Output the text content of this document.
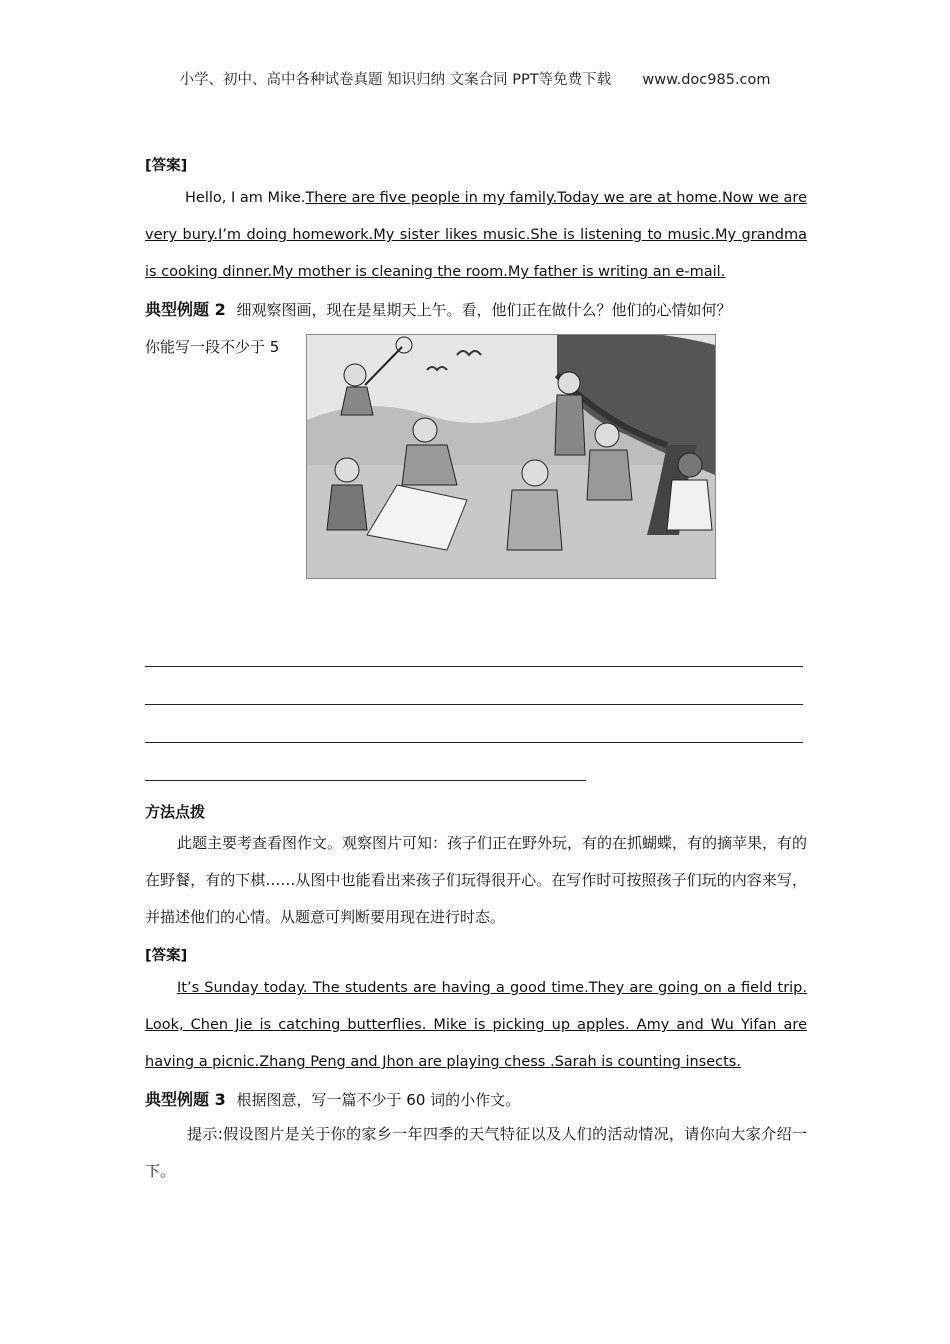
小学、初中、高中各种试卷真题 知识归纳 文案合同 PPT等免费下载 www.doc985.com
[答案]
Hello, I am Mike.There are five people in my family.Today we are at home.Now we are very bury.I’m doing homework.My sister likes music.She is listening to music.My grandma is cooking dinner.My mother is cleaning the room.My father is writing an e-mail.
典型例题 2 细观察图画，现在是星期天上午。看，他们正在做什么？他们的心情如何？
你能写一段不少于 5
方法点拨
此题主要考查看图作文。观察图片可知：孩子们正在野外玩，有的在抓蝴蝶，有的摘苹果，有的在野餐，有的下棋……从图中也能看出来孩子们玩得很开心。在写作时可按照孩子们玩的内容来写，并描述他们的心情。从题意可判断要用现在进行时态。
[答案]
It’s Sunday today. The students are having a good time.They are going on a field trip. Look, Chen Jie is catching butterflies. Mike is picking up apples. Amy and Wu Yifan are having a picnic.Zhang Peng and Jhon are playing chess .Sarah is counting insects.
典型例题 3 根据图意，写一篇不少于 60 词的小作文。
提示:假设图片是关于你的家乡一年四季的天气特征以及人们的活动情况，请你向大家介绍一下。
